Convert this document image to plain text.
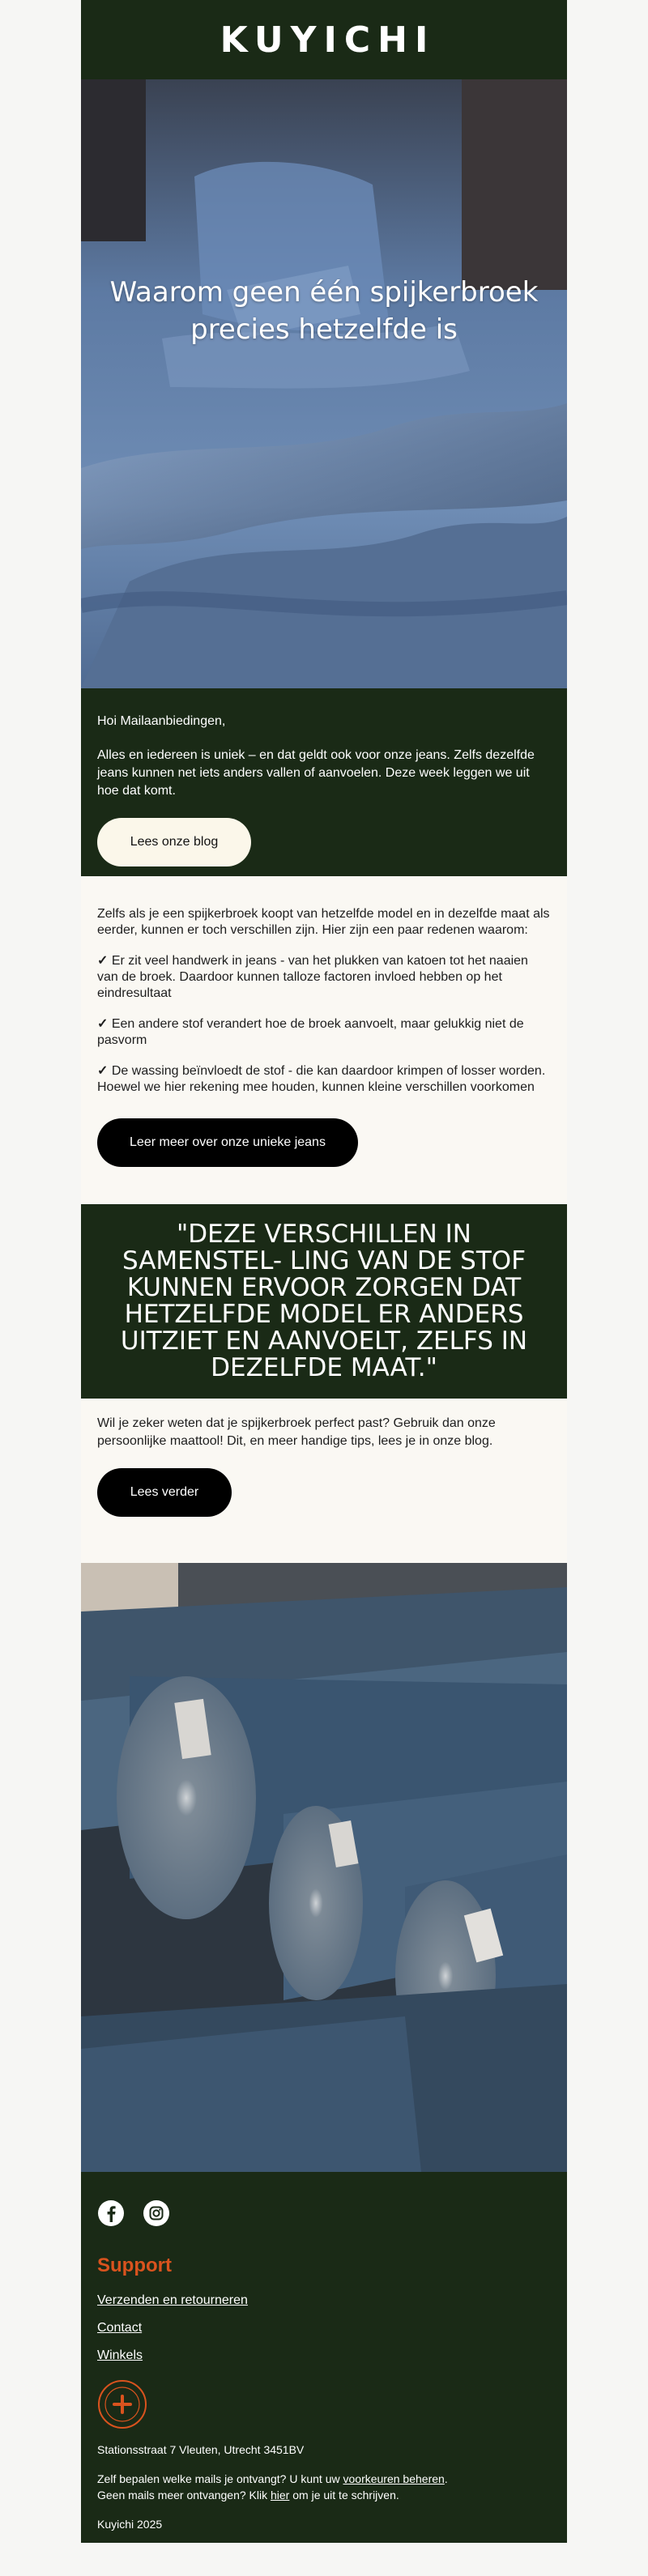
KUYICHI
Waarom geen één spijkerbroek
precies hetzelfde is

Hoi Mailaanbiedingen,

Alles en iedereen is uniek – en dat geldt ook voor onze jeans. Zelfs dezelfde jeans kunnen net iets anders vallen of aanvoelen. Deze week leggen we uit hoe dat komt.

Lees onze blog

Zelfs als je een spijkerbroek koopt van hetzelfde model en in dezelfde maat als eerder, kunnen er toch verschillen zijn. Hier zijn een paar redenen waarom:

✓ Er zit veel handwerk in jeans - van het plukken van katoen tot het naaien van de broek. Daardoor kunnen talloze factoren invloed hebben op het eindresultaat

✓ Een andere stof verandert hoe de broek aanvoelt, maar gelukkig niet de pasvorm

✓ De wassing beïnvloedt de stof - die kan daardoor krimpen of losser worden. Hoewel we hier rekening mee houden, kunnen kleine verschillen voorkomen

Leer meer over onze unieke jeans
"DEZE VERSCHILLEN IN SAMENSTEL- LING VAN DE STOF KUNNEN ERVOOR ZORGEN DAT HETZELFDE MODEL ER ANDERS UITZIET EN AANVOELT, ZELFS IN DEZELFDE MAAT."

Wil je zeker weten dat je spijkerbroek perfect past? Gebruik dan onze persoonlijke maattool! Dit, en meer handige tips, lees je in onze blog.

Lees verder
Support
Verzenden en retourneren
Contact
Winkels

Stationsstraat 7 Vleuten, Utrecht 3451BV

Zelf bepalen welke mails je ontvangt? U kunt uw voorkeuren beheren.
Geen mails meer ontvangen? Klik hier om je uit te schrijven.

Kuyichi 2025
